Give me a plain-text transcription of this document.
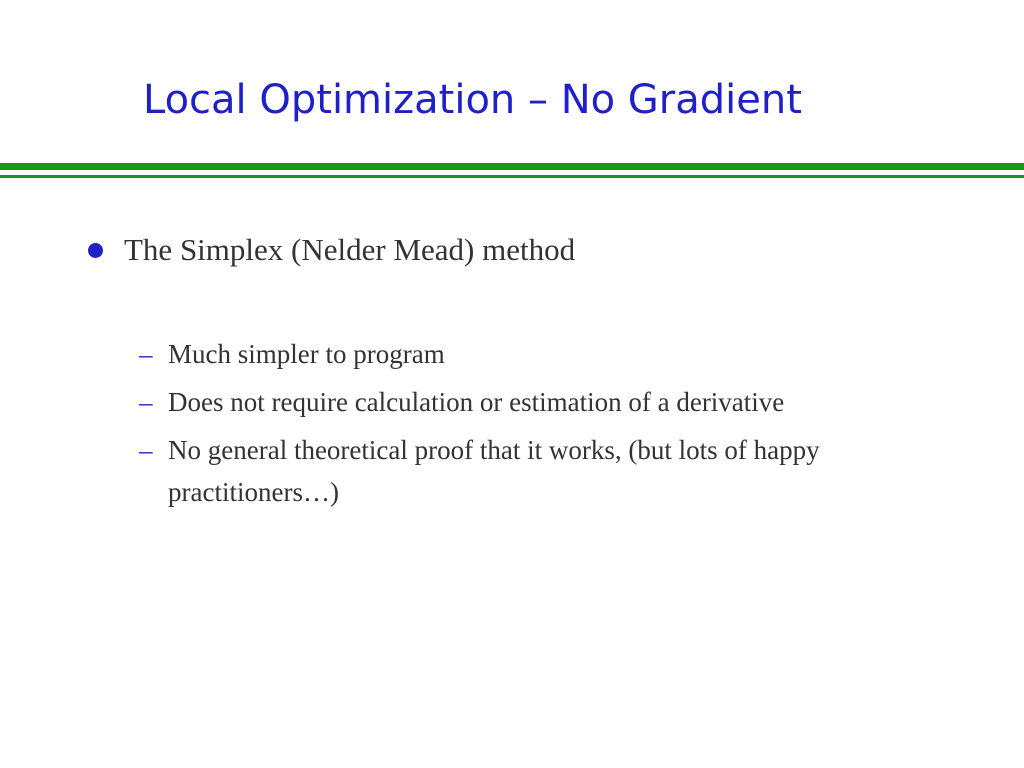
Local Optimization – No Gradient
The Simplex (Nelder Mead) method
– Much simpler to program
– Does not require calculation or estimation of a derivative
– No general theoretical proof that it works, (but lots of happy practitioners…)
